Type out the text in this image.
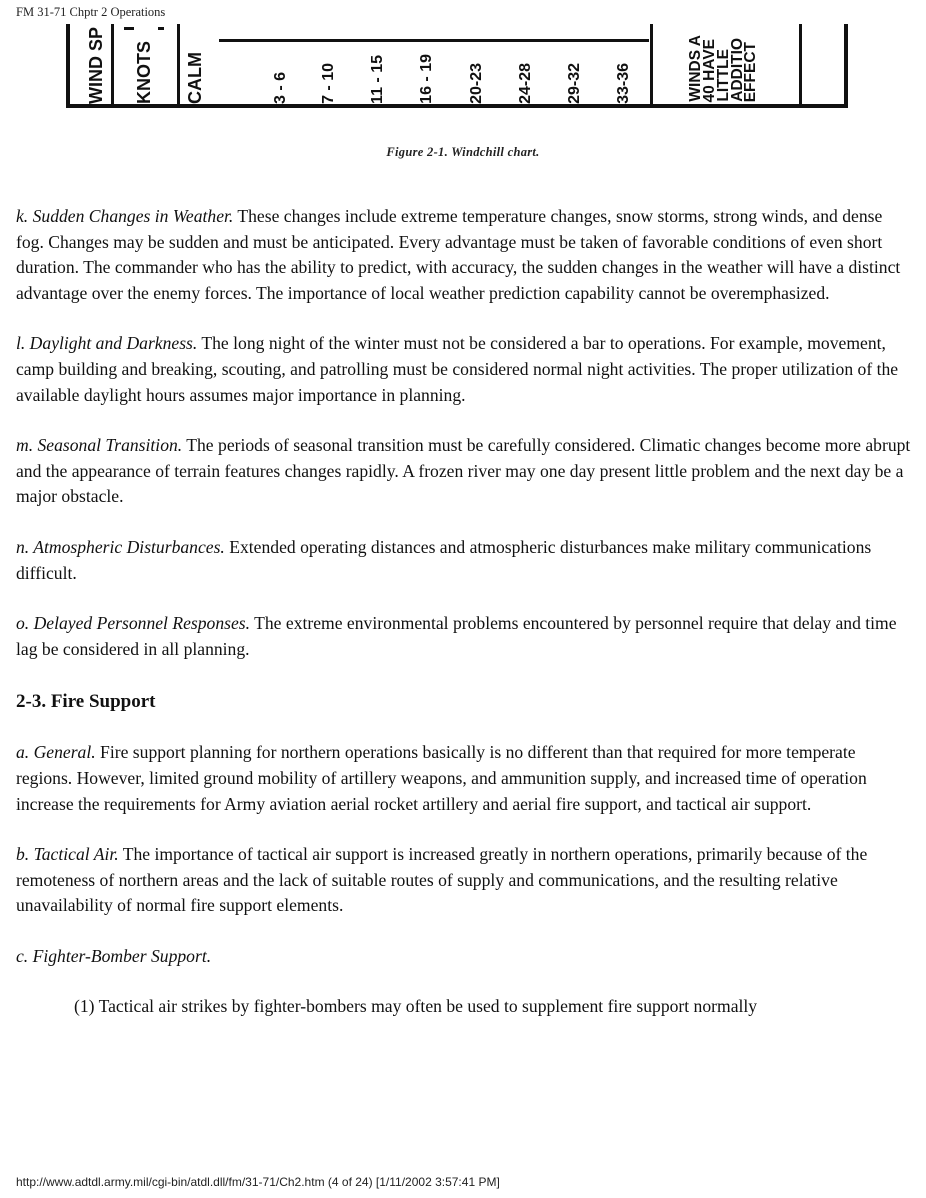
FM 31-71 Chptr 2 Operations
WIND SP KNOTS CALM	3 - 6 7 - 10 11 - 15 16 - 19 20-23 24-28 29-32 33-36	WINDS A
40 HAVE
LITTLE
ADDITIO
EFFECT
Figure 2-1. Windchill chart.

k. Sudden Changes in Weather. These changes include extreme temperature changes, snow storms, strong winds, and dense fog. Changes may be sudden and must be anticipated. Every advantage must be taken of favorable conditions of even short duration. The commander who has the ability to predict, with accuracy, the sudden changes in the weather will have a distinct advantage over the enemy forces. The importance of local weather prediction capability cannot be overemphasized.

l. Daylight and Darkness. The long night of the winter must not be considered a bar to operations. For example, movement, camp building and breaking, scouting, and patrolling must be considered normal night activities. The proper utilization of the available daylight hours assumes major importance in planning.

m. Seasonal Transition. The periods of seasonal transition must be carefully considered. Climatic changes become more abrupt and the appearance of terrain features changes rapidly. A frozen river may one day present little problem and the next day be a major obstacle.

n. Atmospheric Disturbances. Extended operating distances and atmospheric disturbances make military communications difficult.

o. Delayed Personnel Responses. The extreme environmental problems encountered by personnel require that delay and time lag be considered in all planning.

2-3. Fire Support

a. General. Fire support planning for northern operations basically is no different than that required for more temperate regions. However, limited ground mobility of artillery weapons, and ammunition supply, and increased time of operation increase the requirements for Army aviation aerial rocket artillery and aerial fire support, and tactical air support.

b. Tactical Air. The importance of tactical air support is increased greatly in northern operations, primarily because of the remoteness of northern areas and the lack of suitable routes of supply and communications, and the resulting relative unavailability of normal fire support elements.

c. Fighter-Bomber Support.

(1) Tactical air strikes by fighter-bombers may often be used to supplement fire support normally

http://www.adtdl.army.mil/cgi-bin/atdl.dll/fm/31-71/Ch2.htm (4 of 24) [1/11/2002 3:57:41 PM]
